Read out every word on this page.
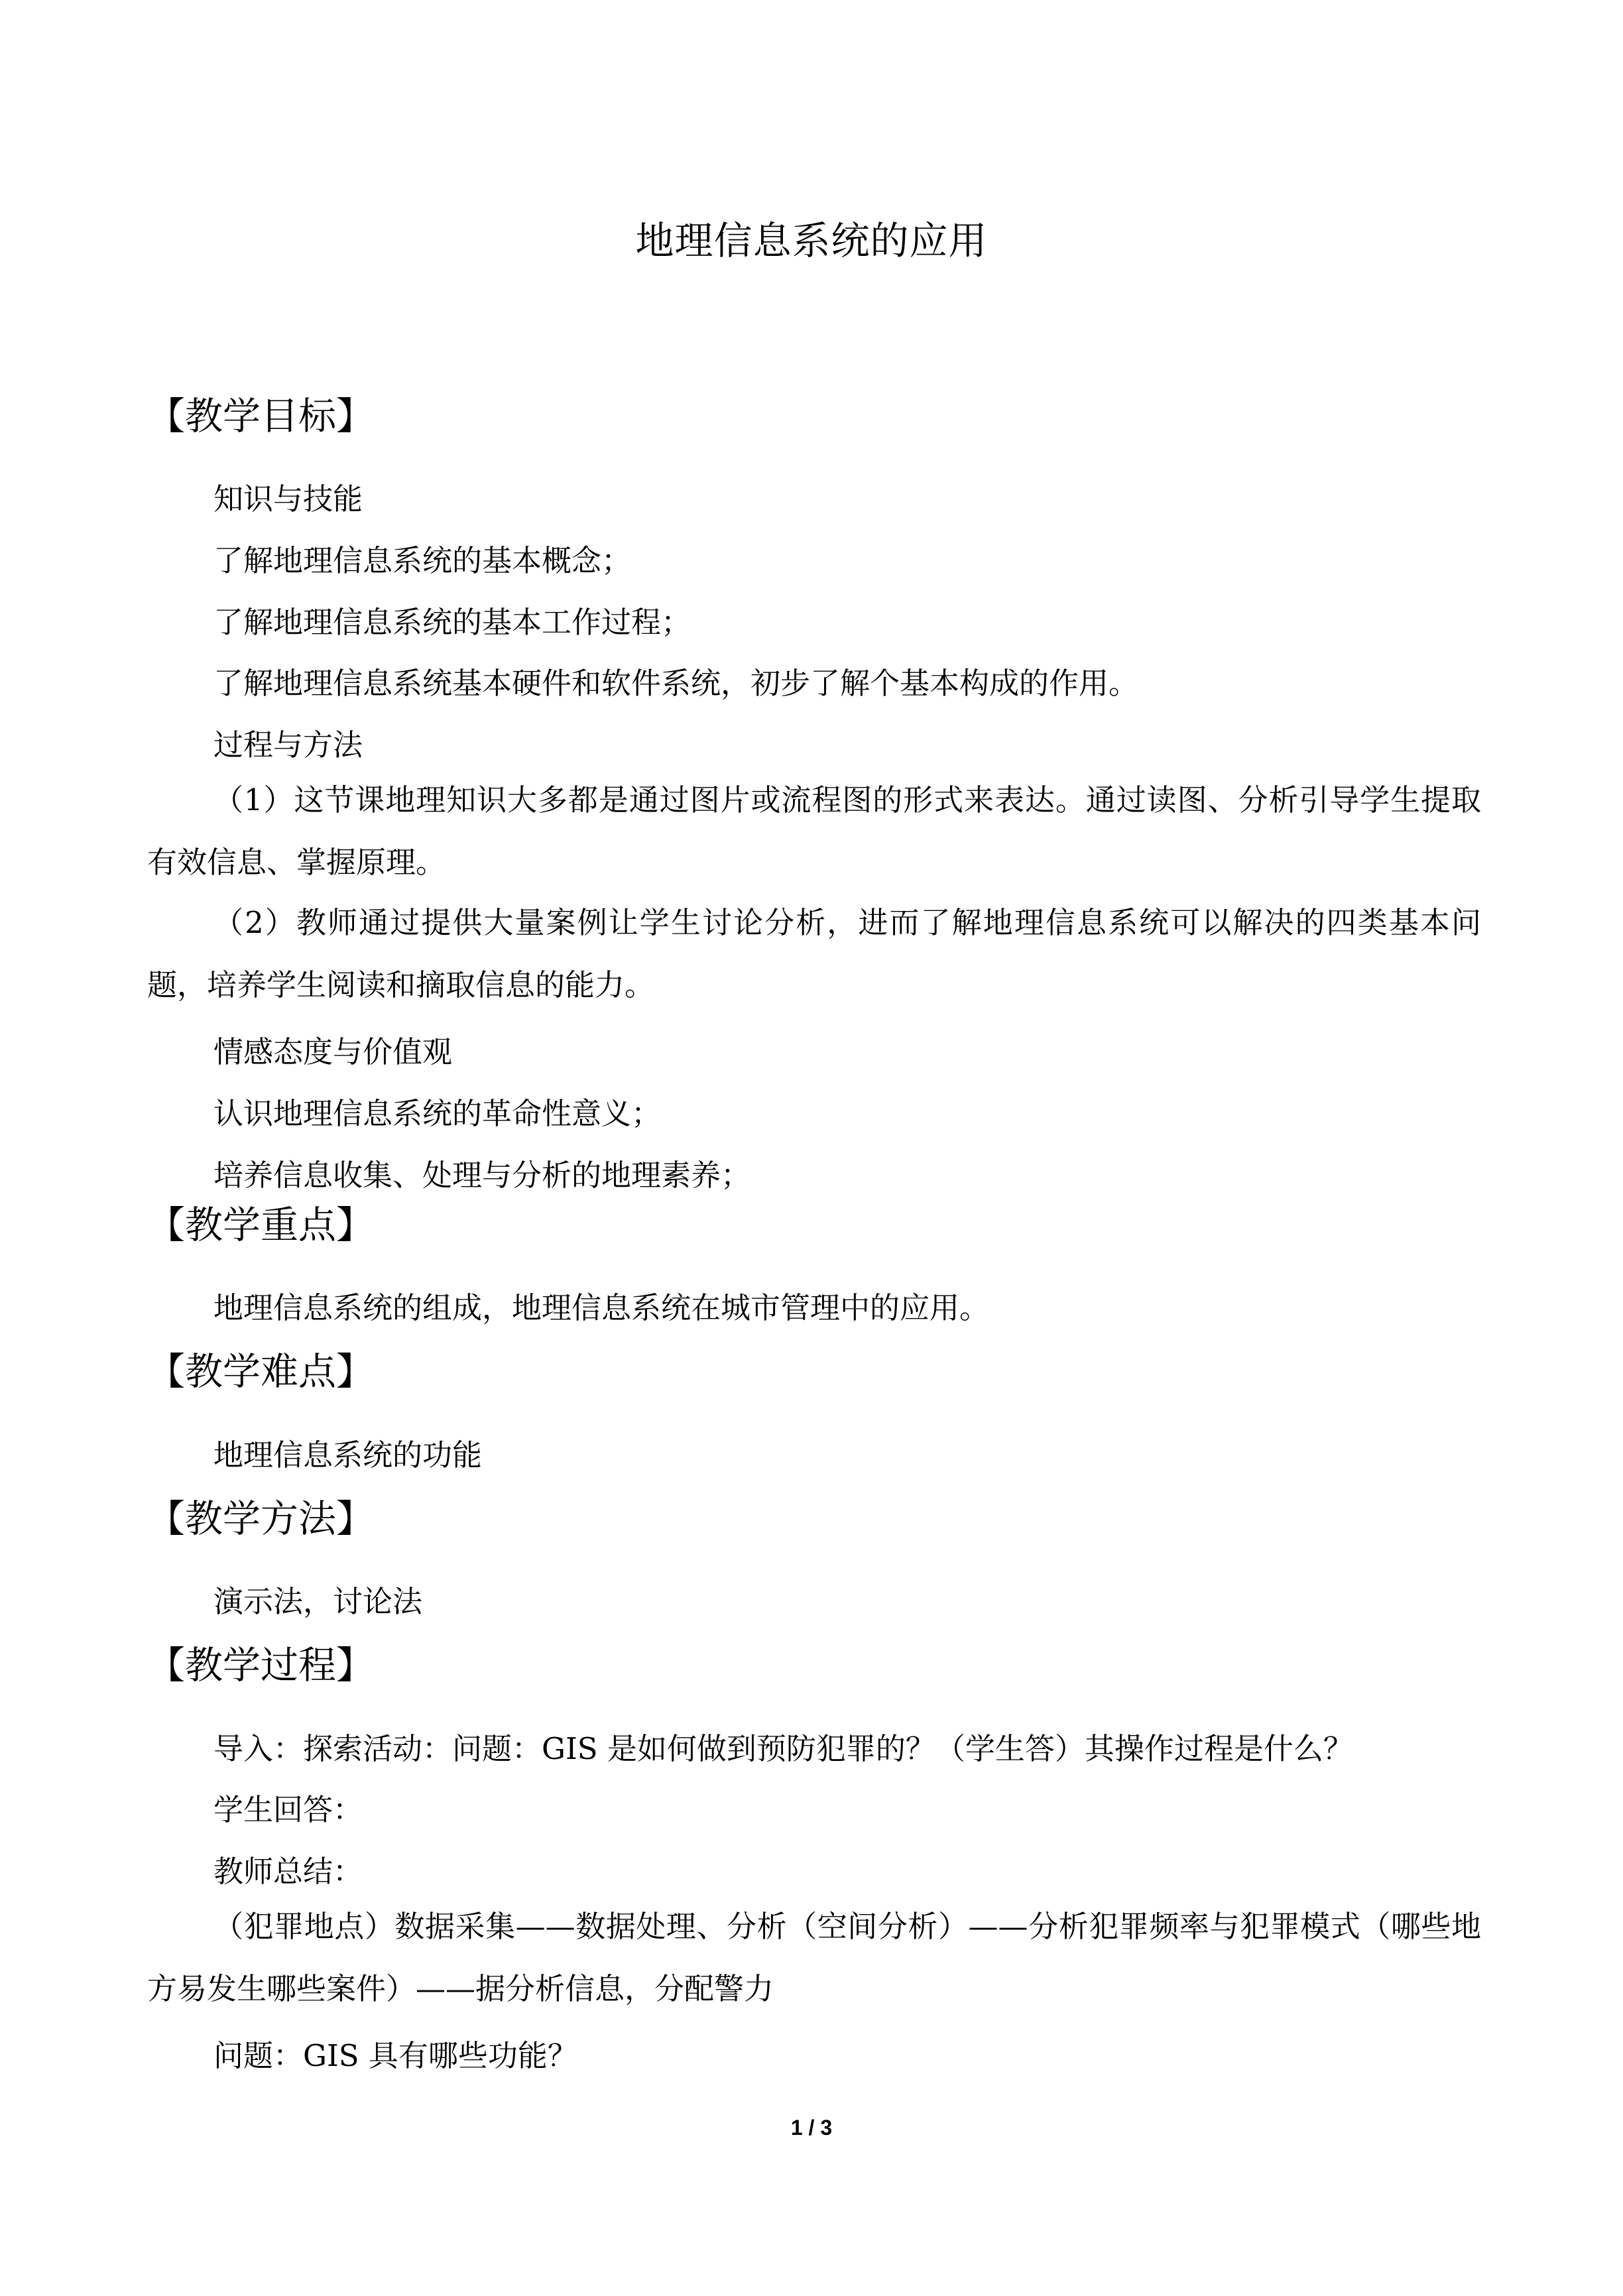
地理信息系统的应用
【教学目标】
知识与技能
了解地理信息系统的基本概念；
了解地理信息系统的基本工作过程；
了解地理信息系统基本硬件和软件系统，初步了解个基本构成的作用。
过程与方法
（1）这节课地理知识大多都是通过图片或流程图的形式来表达。通过读图、分析引导学生提取有效信息、掌握原理。
（2）教师通过提供大量案例让学生讨论分析，进而了解地理信息系统可以解决的四类基本问题，培养学生阅读和摘取信息的能力。
情感态度与价值观
认识地理信息系统的革命性意义；
培养信息收集、处理与分析的地理素养；
【教学重点】
地理信息系统的组成，地理信息系统在城市管理中的应用。
【教学难点】
地理信息系统的功能
【教学方法】
演示法，讨论法
【教学过程】
导入：探索活动：问题：GIS 是如何做到预防犯罪的？（学生答）其操作过程是什么？
学生回答：
教师总结：
（犯罪地点）数据采集——数据处理、分析（空间分析）——分析犯罪频率与犯罪模式（哪些地方易发生哪些案件）——据分析信息，分配警力
问题：GIS 具有哪些功能？
1 / 3
